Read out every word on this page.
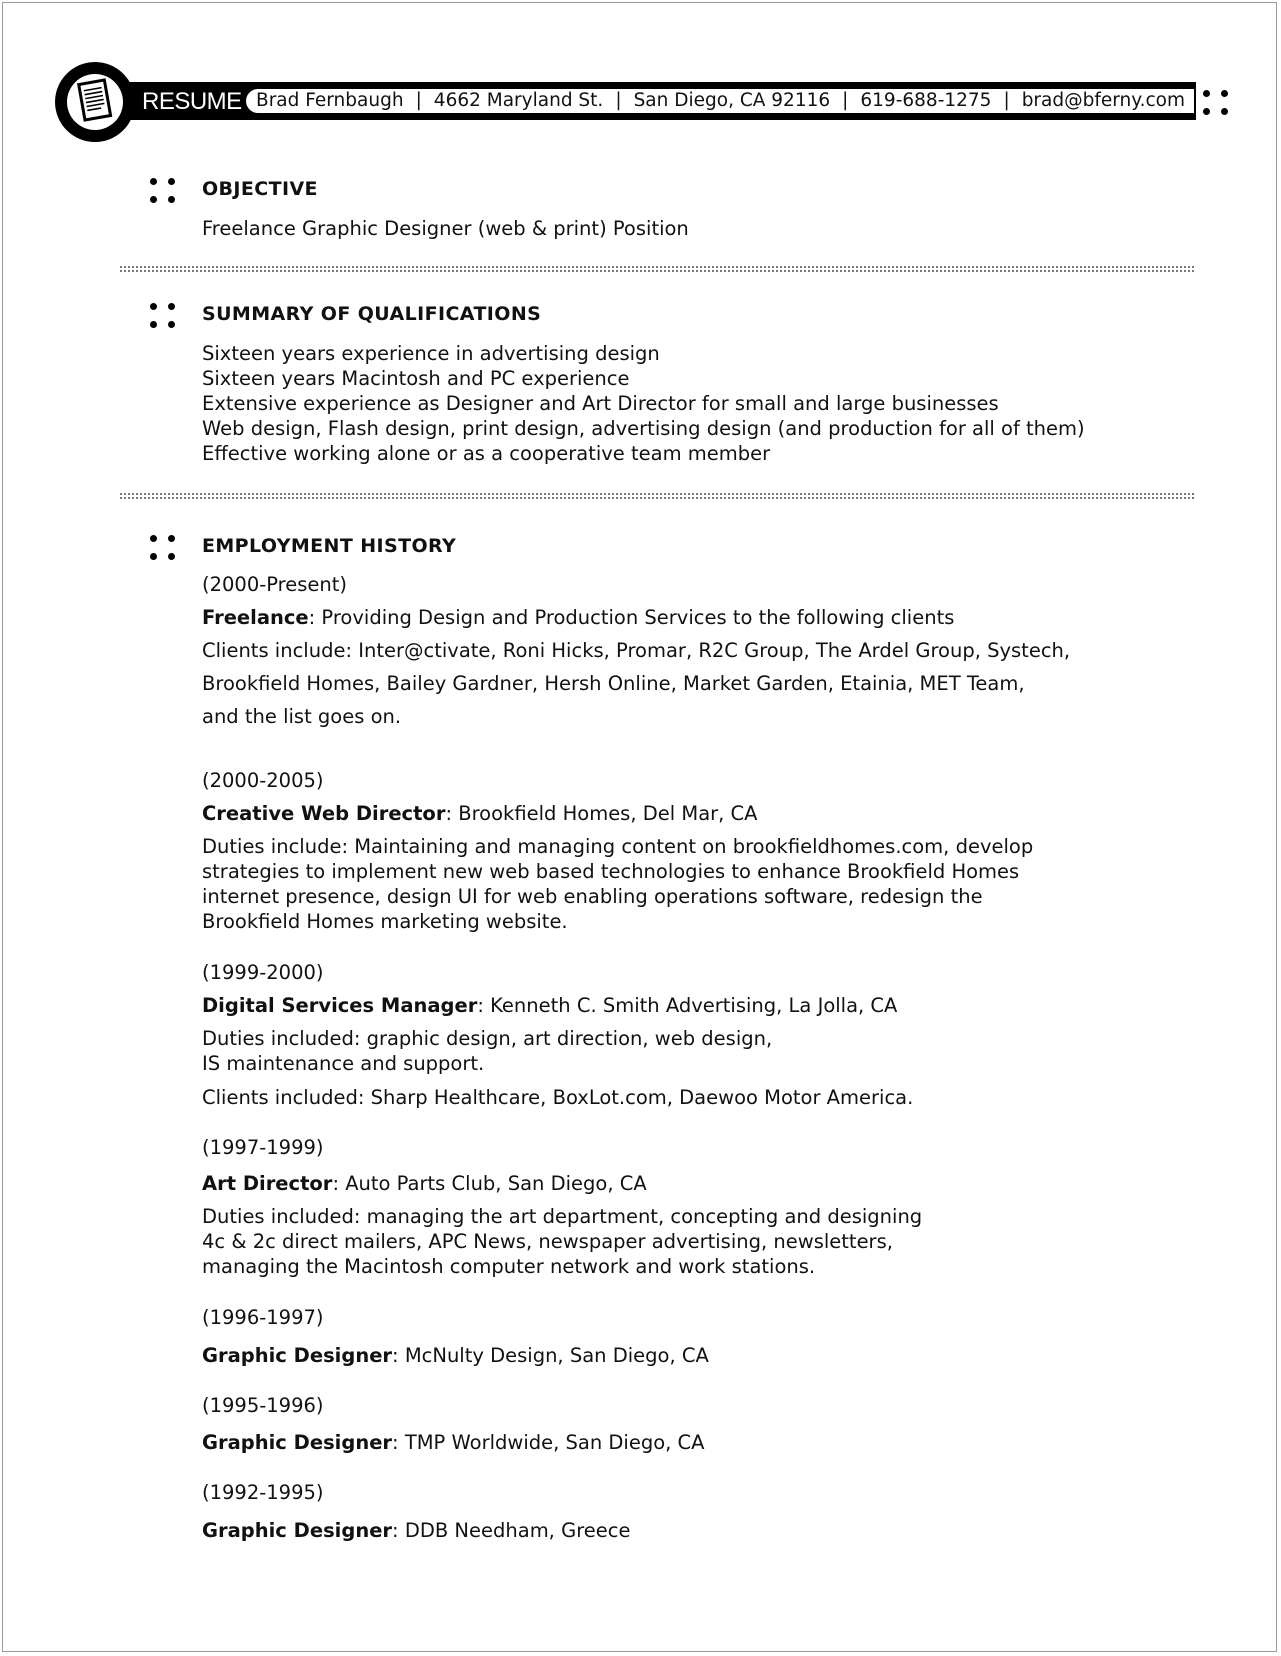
RESUME Brad Fernbaugh | 4662 Maryland St. | San Diego, CA 92116 | 619-688-1275 | brad@bferny.com
OBJECTIVE
Freelance Graphic Designer (web & print) Position
SUMMARY OF QUALIFICATIONS
Sixteen years experience in advertising design
Sixteen years Macintosh and PC experience
Extensive experience as Designer and Art Director for small and large businesses
Web design, Flash design, print design, advertising design (and production for all of them)
Effective working alone or as a cooperative team member
EMPLOYMENT HISTORY
(2000-Present)
Freelance: Providing Design and Production Services to the following clients
Clients include: Inter@ctivate, Roni Hicks, Promar, R2C Group, The Ardel Group, Systech,
Brookfield Homes, Bailey Gardner, Hersh Online, Market Garden, Etainia, MET Team,
and the list goes on.
(2000-2005)
Creative Web Director: Brookfield Homes, Del Mar, CA
Duties include: Maintaining and managing content on brookfieldhomes.com, develop
strategies to implement new web based technologies to enhance Brookfield Homes
internet presence, design UI for web enabling operations software, redesign the
Brookfield Homes marketing website.
(1999-2000)
Digital Services Manager: Kenneth C. Smith Advertising, La Jolla, CA
Duties included: graphic design, art direction, web design,
IS maintenance and support.
Clients included: Sharp Healthcare, BoxLot.com, Daewoo Motor America.
(1997-1999)
Art Director: Auto Parts Club, San Diego, CA
Duties included: managing the art department, concepting and designing
4c & 2c direct mailers, APC News, newspaper advertising, newsletters,
managing the Macintosh computer network and work stations.
(1996-1997)
Graphic Designer: McNulty Design, San Diego, CA
(1995-1996)
Graphic Designer: TMP Worldwide, San Diego, CA
(1992-1995)
Graphic Designer: DDB Needham, Greece
